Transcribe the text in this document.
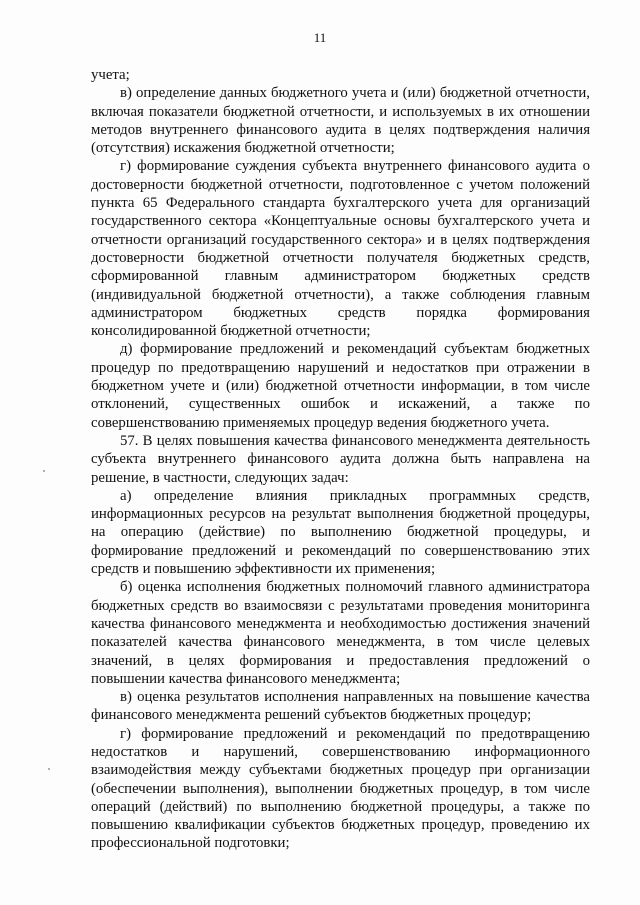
11

учета;

в) определение данных бюджетного учета и (или) бюджетной отчетности, включая показатели бюджетной отчетности, и используемых в их отношении методов внутреннего финансового аудита в целях подтверждения наличия (отсутствия) искажения бюджетной отчетности;

г) формирование суждения субъекта внутреннего финансового аудита о достоверности бюджетной отчетности, подготовленное с учетом положений пункта 65 Федерального стандарта бухгалтерского учета для организаций государственного сектора «Концептуальные основы бухгалтерского учета и отчетности организаций государственного сектора» и в целях подтверждения достоверности бюджетной отчетности получателя бюджетных средств, сформированной главным администратором бюджетных средств (индивидуальной бюджетной отчетности), а также соблюдения главным администратором бюджетных средств порядка формирования консолидированной бюджетной отчетности;

д) формирование предложений и рекомендаций субъектам бюджетных процедур по предотвращению нарушений и недостатков при отражении в бюджетном учете и (или) бюджетной отчетности информации, в том числе отклонений, существенных ошибок и искажений, а также по совершенствованию применяемых процедур ведения бюджетного учета.

57. В целях повышения качества финансового менеджмента деятельность субъекта внутреннего финансового аудита должна быть направлена на решение, в частности, следующих задач:

а) определение влияния прикладных программных средств, информационных ресурсов на результат выполнения бюджетной процедуры, на операцию (действие) по выполнению бюджетной процедуры, и формирование предложений и рекомендаций по совершенствованию этих средств и повышению эффективности их применения;

б) оценка исполнения бюджетных полномочий главного администратора бюджетных средств во взаимосвязи с результатами проведения мониторинга качества финансового менеджмента и необходимостью достижения значений показателей качества финансового менеджмента, в том числе целевых значений, в целях формирования и предоставления предложений о повышении качества финансового менеджмента;

в) оценка результатов исполнения направленных на повышение качества финансового менеджмента решений субъектов бюджетных процедур;

г) формирование предложений и рекомендаций по предотвращению недостатков и нарушений, совершенствованию информационного взаимодействия между субъектами бюджетных процедур при организации (обеспечении выполнения), выполнении бюджетных процедур, в том числе операций (действий) по выполнению бюджетной процедуры, а также по повышению квалификации субъектов бюджетных процедур, проведению их профессиональной подготовки;
